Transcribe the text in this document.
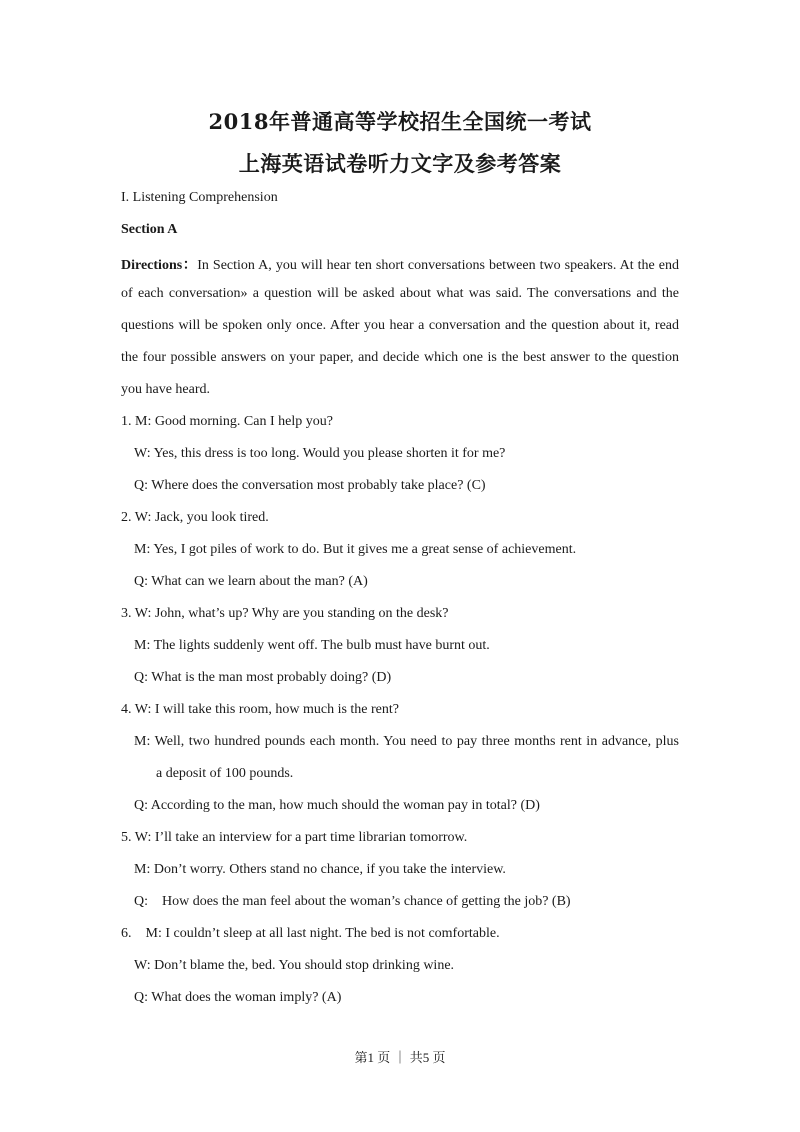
2018年普通高等学校招生全国统一考试
上海英语试卷听力文字及参考答案
I. Listening Comprehension
Section A
Directions：In Section A, you will hear ten short conversations between two speakers. At the end
of each conversation» a question will be asked about what was said. The conversations and the
questions will be spoken only once. After you hear a conversation and the question about it, read
the four possible answers on your paper, and decide which one is the best answer to the question
you have heard.
1. M: Good morning. Can I help you?
W: Yes, this dress is too long. Would you please shorten it for me?
Q: Where does the conversation most probably take place? (C)
2. W: Jack, you look tired.
M: Yes, I got piles of work to do. But it gives me a great sense of achievement.
Q: What can we learn about the man? (A)
3. W: John, what’s up? Why are you standing on the desk?
M: The lights suddenly went off. The bulb must have burnt out.
Q: What is the man most probably doing? (D)
4. W: I will take this room, how much is the rent?
M: Well, two hundred pounds each month. You need to pay three months rent in advance, plus
a deposit of 100 pounds.
Q: According to the man, how much should the woman pay in total? (D)
5. W: I’ll take an interview for a part time librarian tomorrow.
M: Don’t worry. Others stand no chance, if you take the interview.
Q:    How does the man feel about the woman’s chance of getting the job? (B)
6.    M: I couldn’t sleep at all last night. The bed is not comfortable.
W: Don’t blame the, bed. You should stop drinking wine.
Q: What does the woman imply? (A)
第1 页 ｜ 共5 页
